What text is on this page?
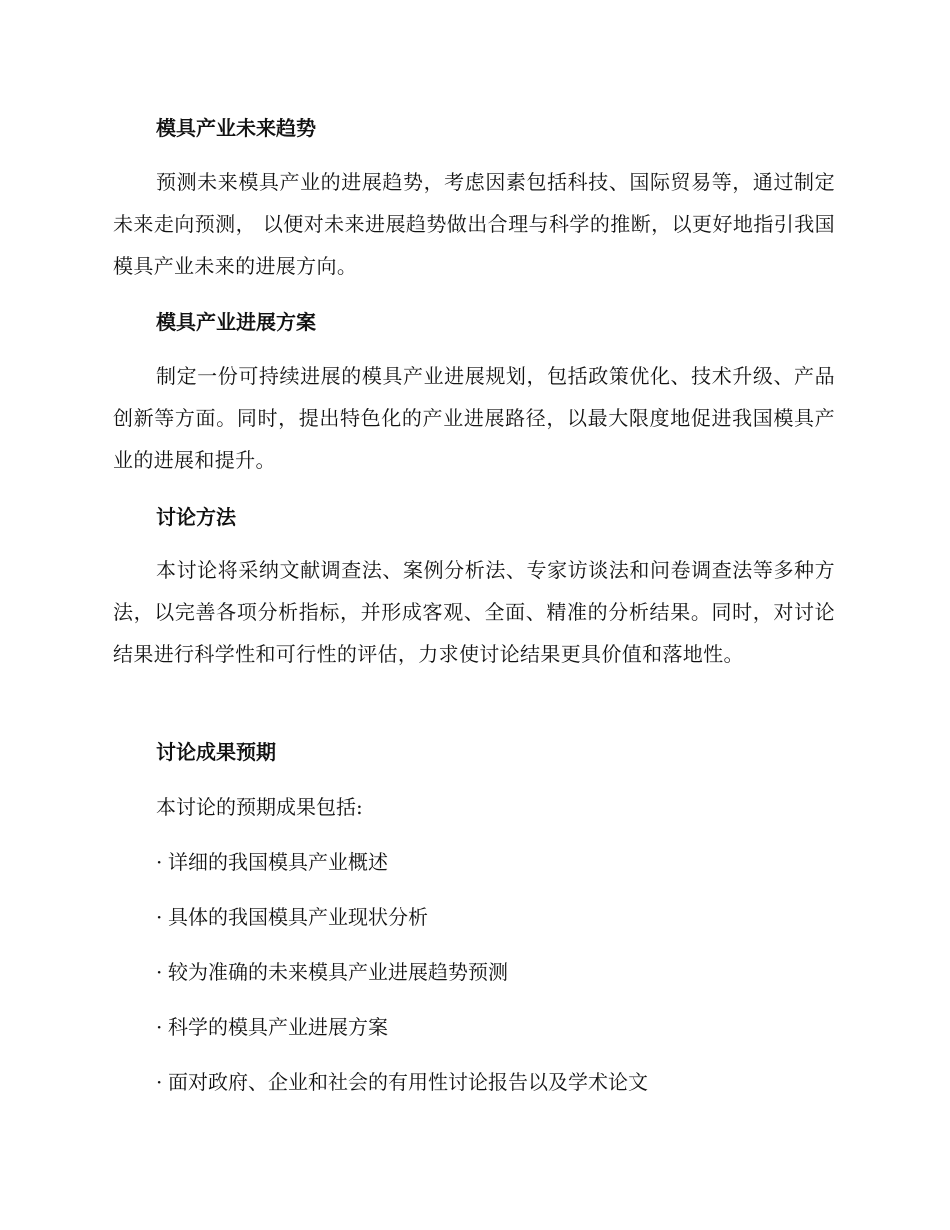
模具产业未来趋势

预测未来模具产业的进展趋势，考虑因素包括科技、国际贸易等，通过制定未来走向预测， 以便对未来进展趋势做出合理与科学的推断，以更好地指引我国模具产业未来的进展方向。

模具产业进展方案

制定一份可持续进展的模具产业进展规划，包括政策优化、技术升级、产品创新等方面。同时，提出特色化的产业进展路径，以最大限度地促进我国模具产业的进展和提升。

讨论方法

本讨论将采纳文献调查法、案例分析法、专家访谈法和问卷调查法等多种方法，以完善各项分析指标，并形成客观、全面、精准的分析结果。同时，对讨论结果进行科学性和可行性的评估，力求使讨论结果更具价值和落地性。

讨论成果预期

本讨论的预期成果包括:

· 详细的我国模具产业概述

· 具体的我国模具产业现状分析

· 较为准确的未来模具产业进展趋势预测

· 科学的模具产业进展方案

· 面对政府、企业和社会的有用性讨论报告以及学术论文
